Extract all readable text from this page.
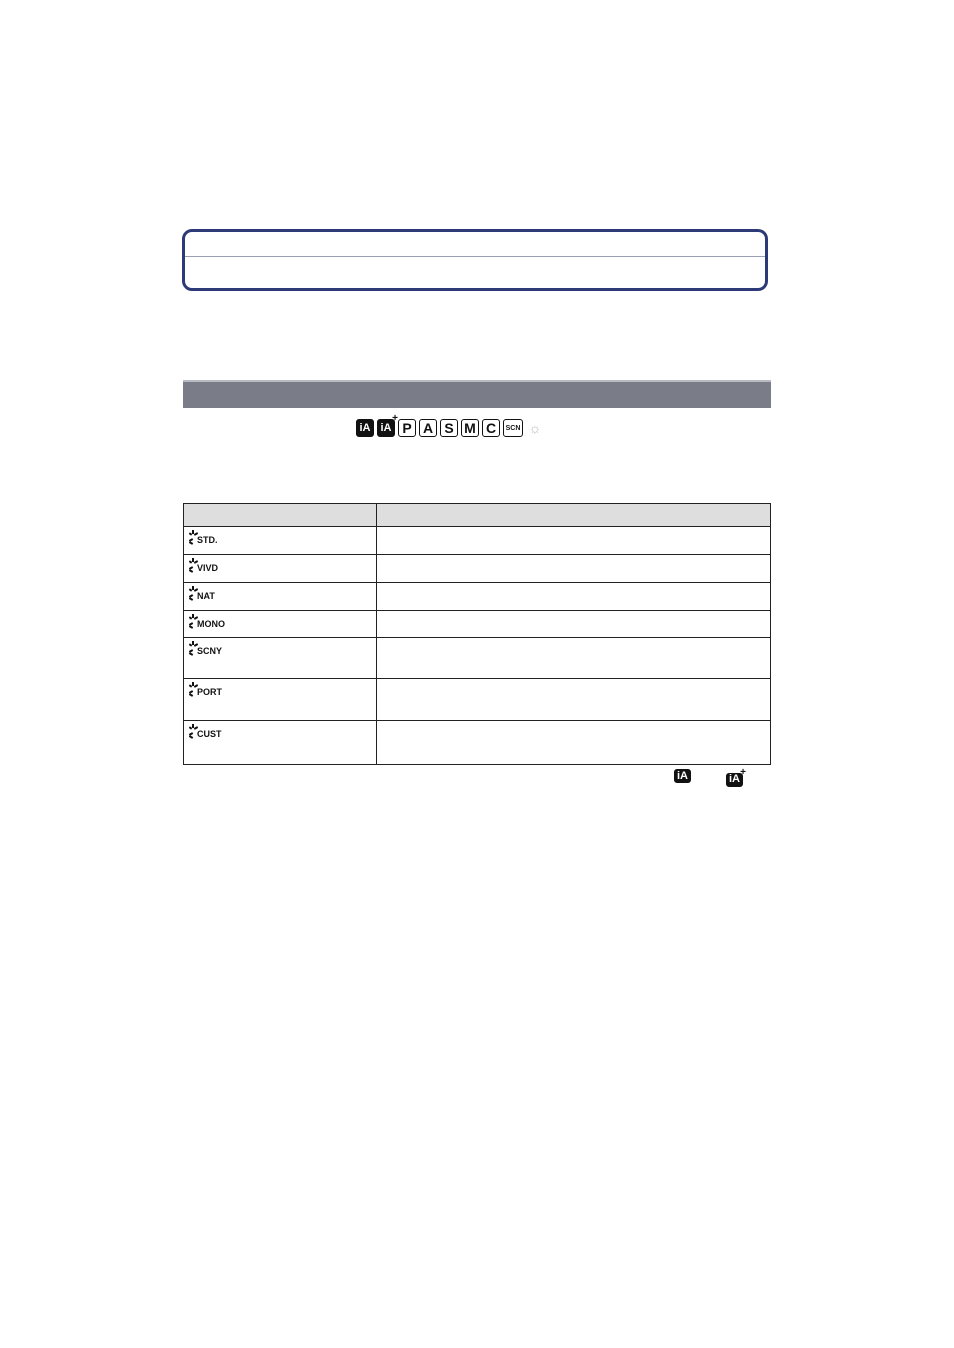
iA iA + P A S M C	SCN ☼
STD.
VIVD
NAT
MONO
SCNY
PORT
CUST
iA	iA +
